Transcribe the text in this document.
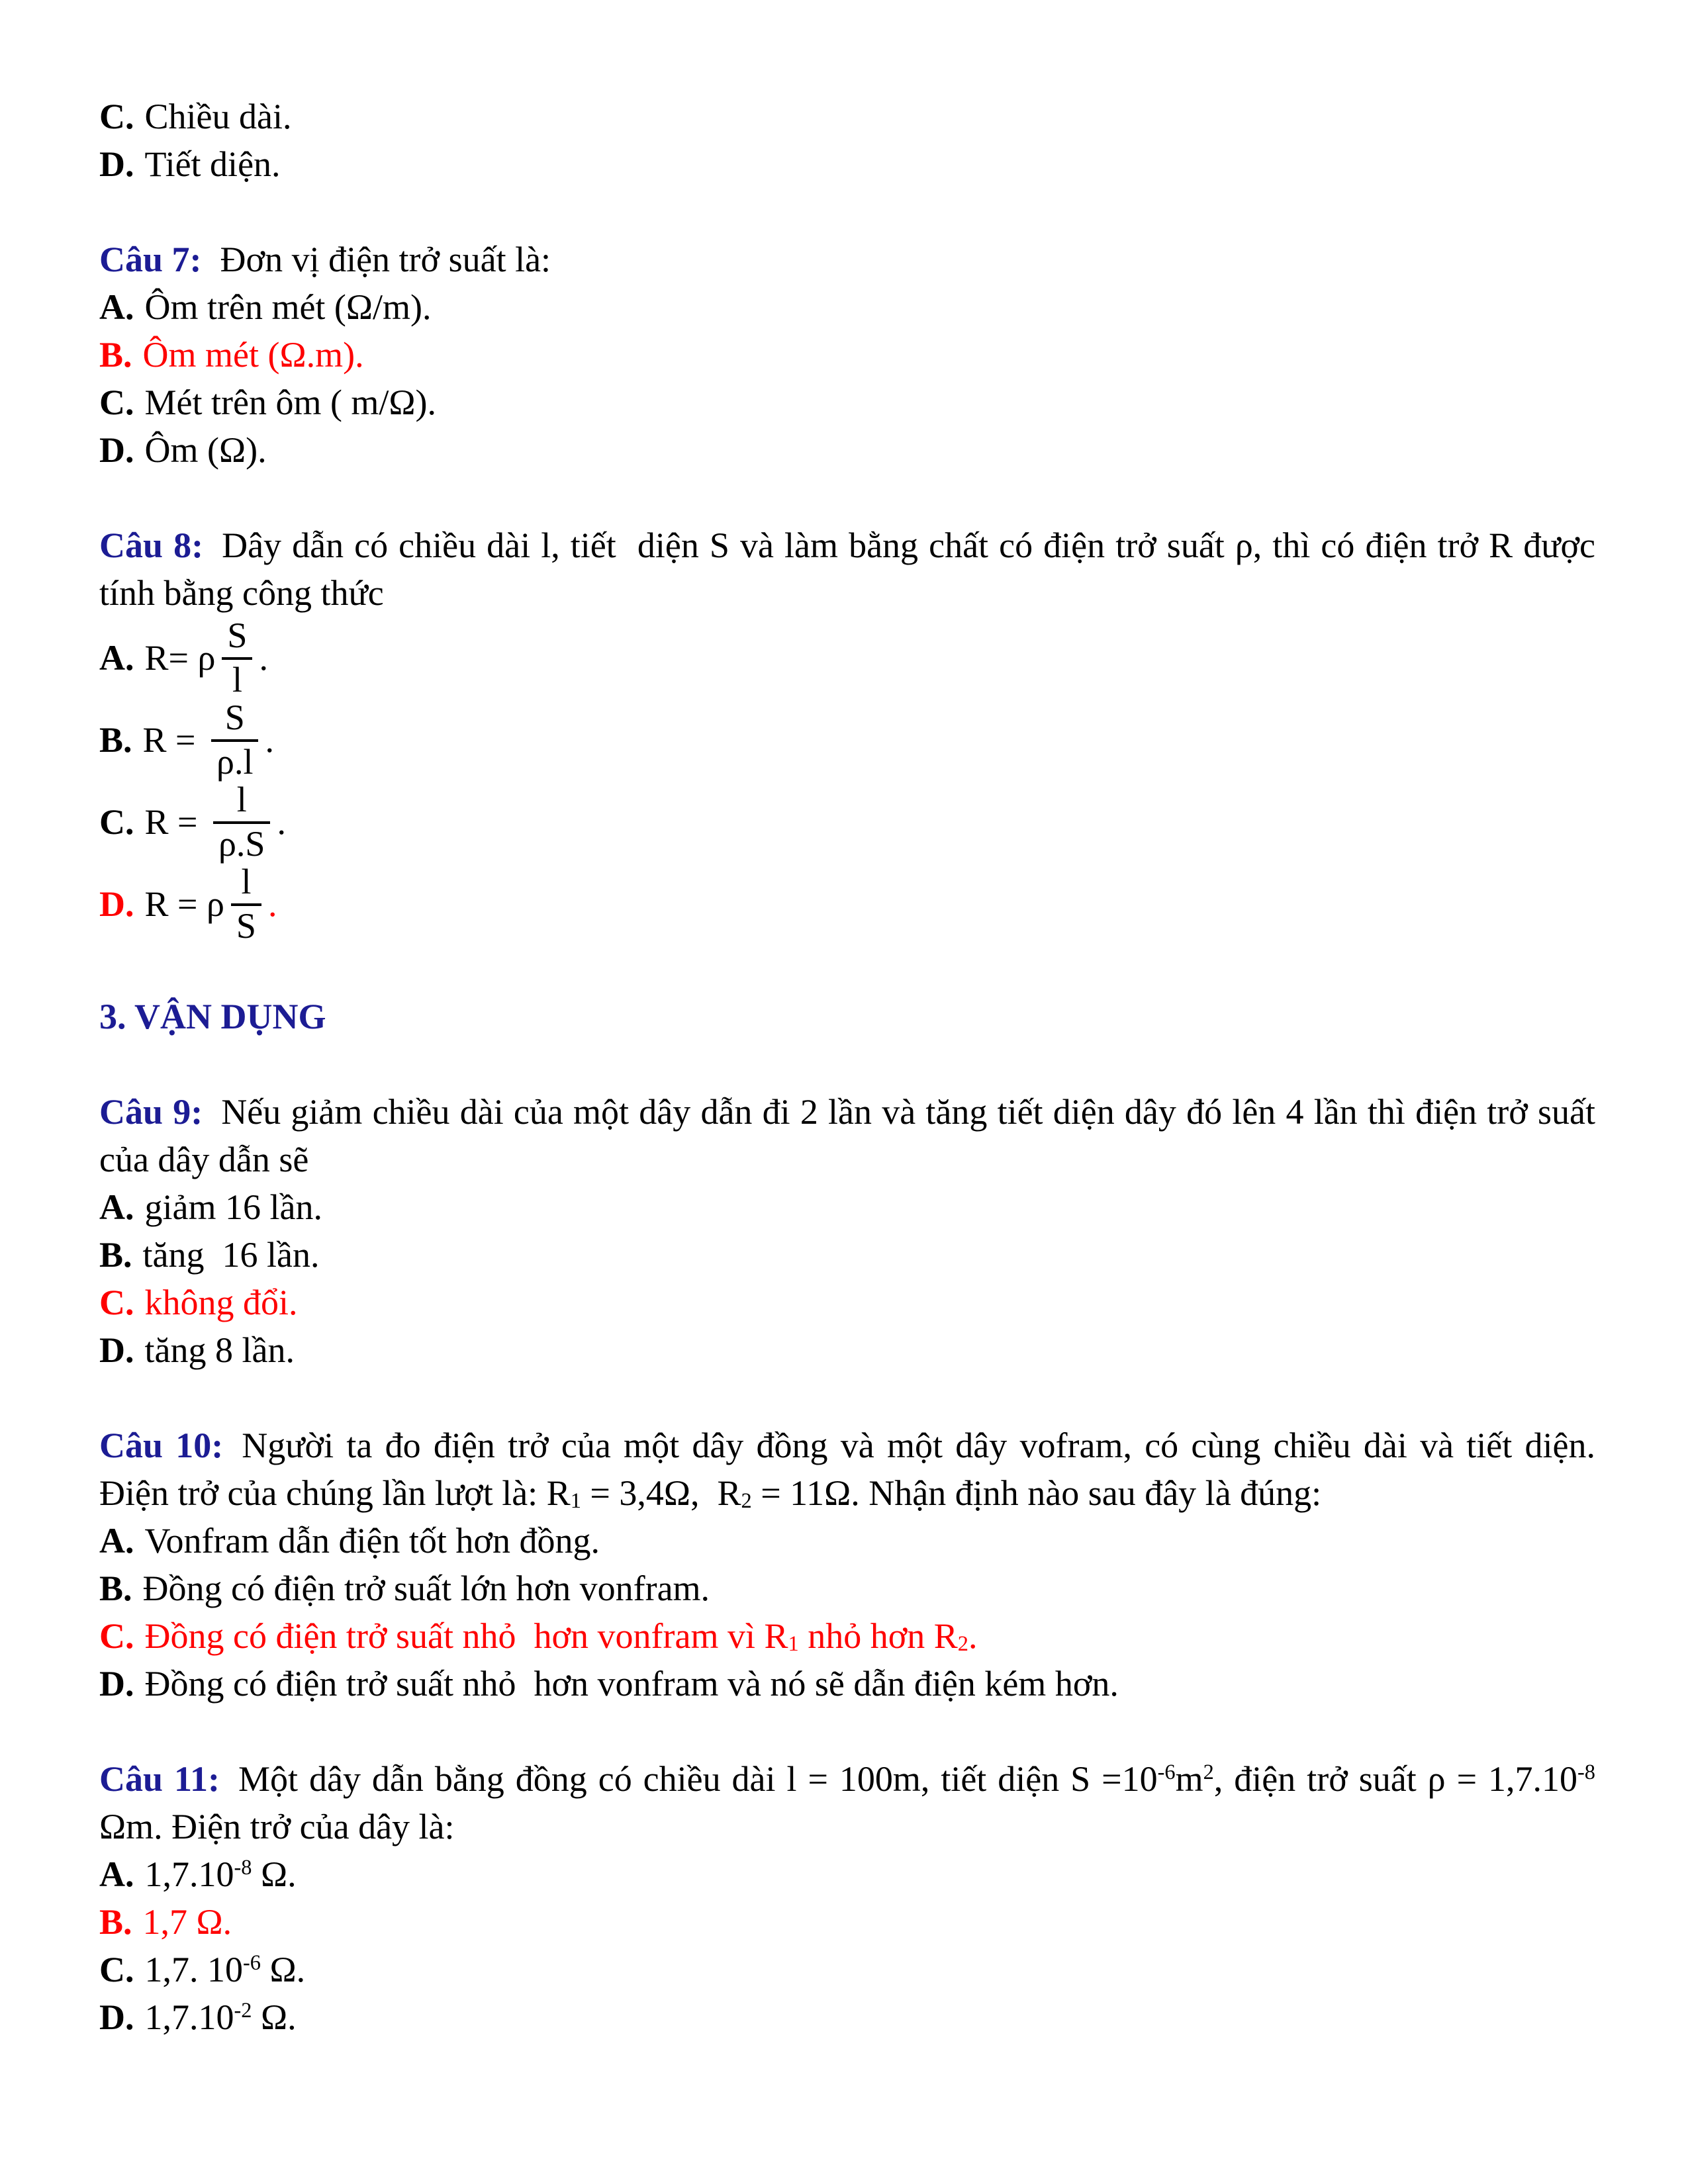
C. Chiều dài.
D. Tiết diện.

Câu 7: Đơn vị điện trở suất là:

A. Ôm trên mét (Ω/m).
B. Ôm mét (Ω.m).
C. Mét trên ôm ( m/Ω).
D. Ôm (Ω).

Câu 8: Dây dẫn có chiều dài l, tiết  diện S và làm bằng chất có điện trở suất ρ, thì có điện trở R được tính bằng công thức

A. R= ρ $\frac{S}{l}$ .
B. $R = \frac{S}{\rho.l}$ .
C. $R = \frac{l}{\rho.S}$ .
D. R = ρ $\frac{l}{S}$ .

3. VẬN DỤNG

Câu 9: Nếu giảm chiều dài của một dây dẫn đi 2 lần và tăng tiết diện dây đó lên 4 lần thì điện trở suất của dây dẫn sẽ

A. giảm 16 lần.
B. tăng  16 lần.
C. không đổi.
D. tăng 8 lần.

Câu 10: Người ta đo điện trở của một dây đồng và một dây vofram, có cùng chiều dài và tiết diện. Điện trở của chúng lần lượt là: $R_1 = 3,4\Omega$,  $R_2 = 11\Omega$. Nhận định nào sau đây là đúng:

A. Vonfram dẫn điện tốt hơn đồng.
B. Đồng có điện trở suất lớn hơn vonfram.
C. Đồng có điện trở suất nhỏ  hơn vonfram vì $R_1$ nhỏ hơn $R_2$.
D. Đồng có điện trở suất nhỏ  hơn vonfram và nó sẽ dẫn điện kém hơn.

Câu 11: Một dây dẫn bằng đồng có chiều dài l = 100m, tiết diện $S =10^{-6}m^2$, điện trở suất $\rho = 1,7.10^{-8}$ Ωm. Điện trở của dây là:

A. $1,7.10^{-8}$ Ω.
B. 1,7 Ω.
C. 1,7. $10^{-6}$ Ω.
D. $1,7.10^{-2}$ Ω.
